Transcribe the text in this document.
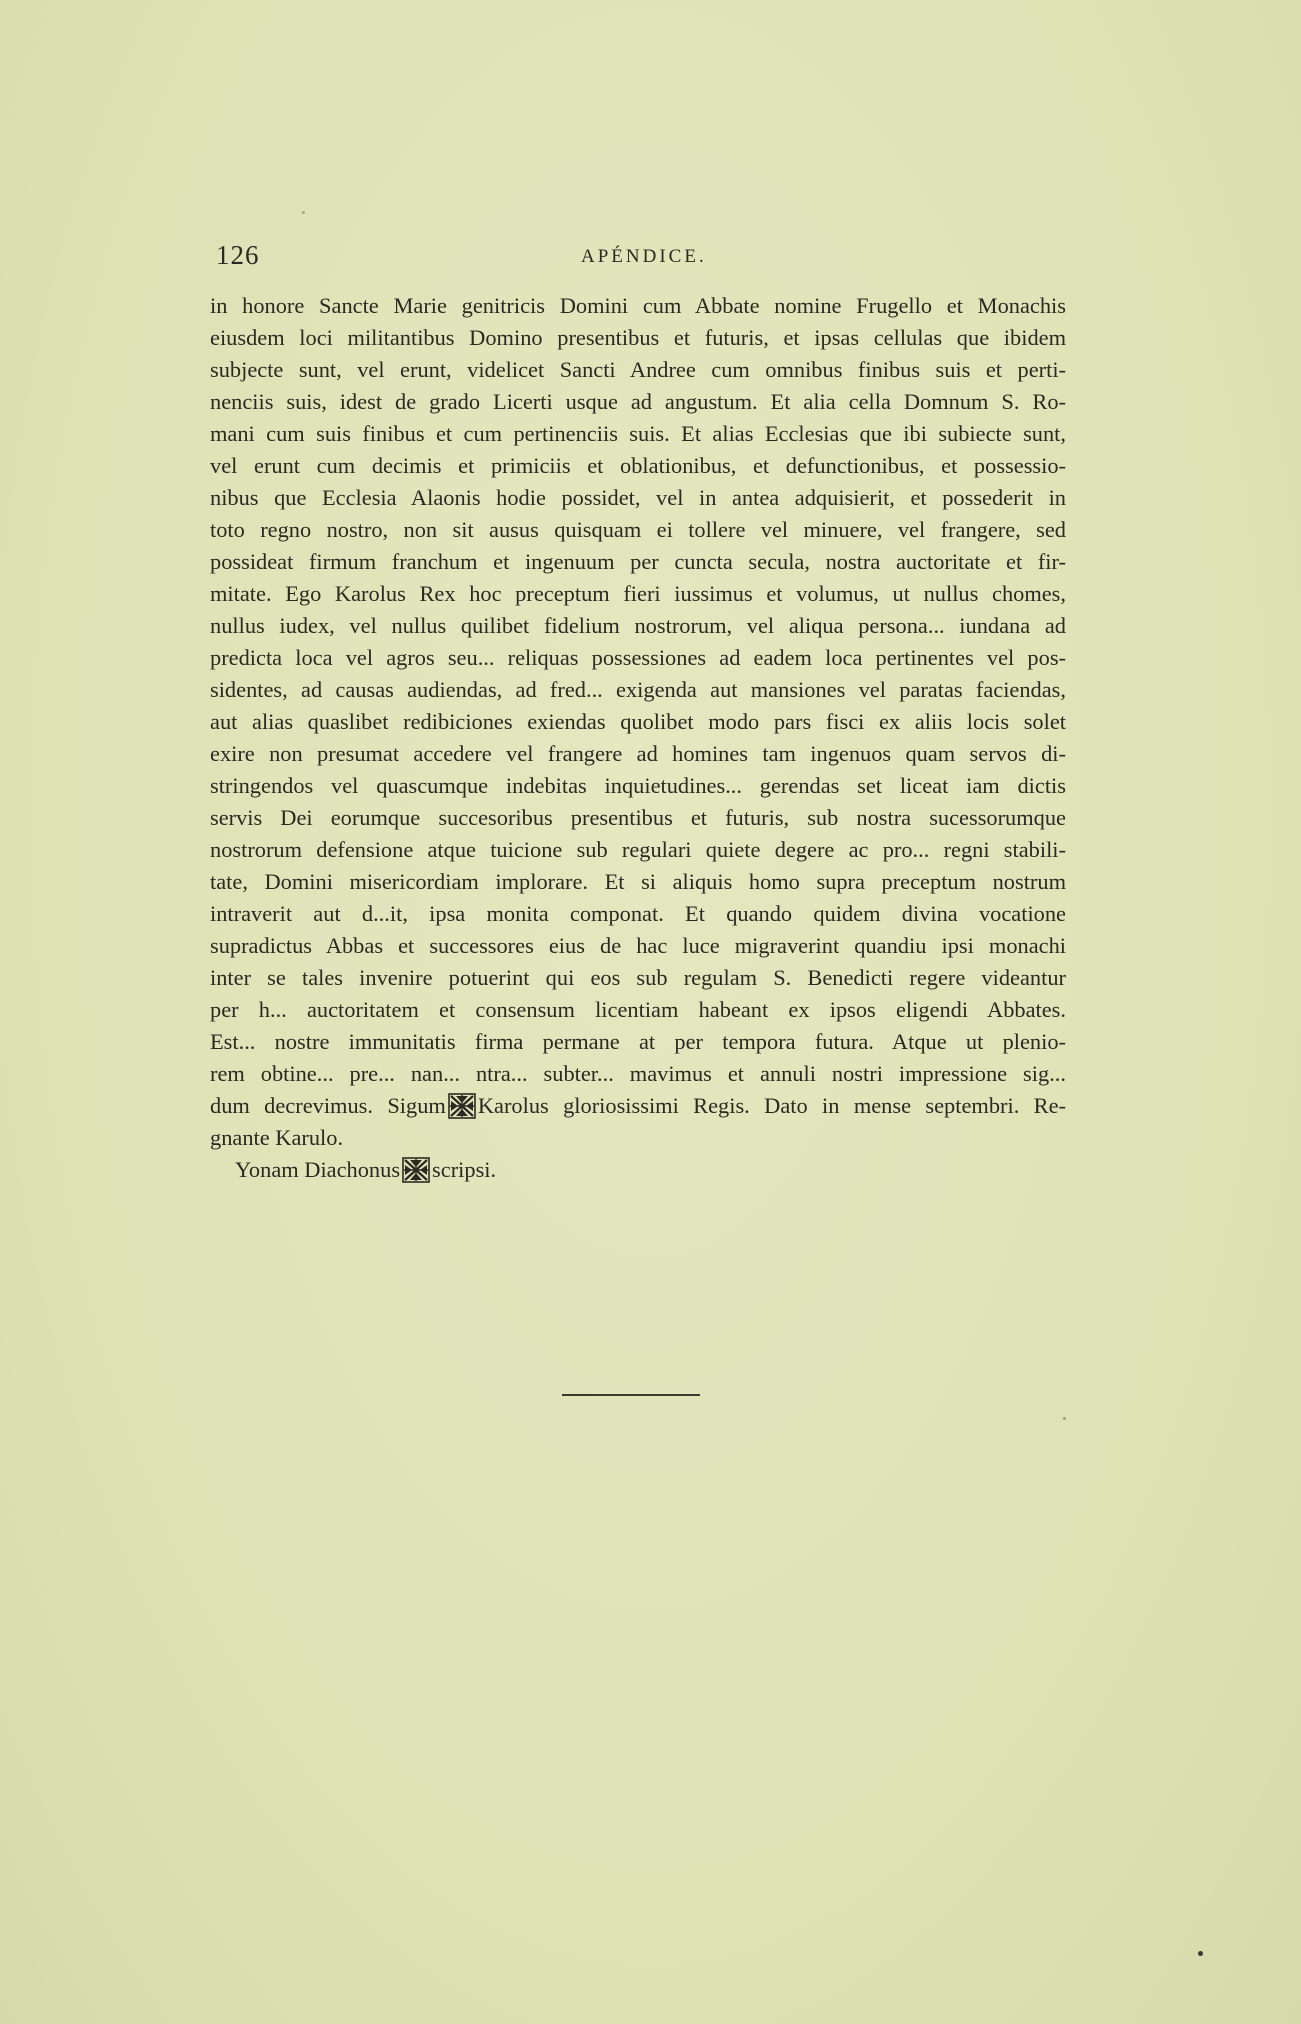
126	APÉNDICE.
in honore Sancte Marie genitricis Domini cum Abbate nomine Frugello et Monachis
eiusdem loci militantibus Domino presentibus et futuris, et ipsas cellulas que ibidem
subjecte sunt, vel erunt, videlicet Sancti Andree cum omnibus finibus suis et perti-
nenciis suis, idest de grado Licerti usque ad angustum. Et alia cella Domnum S. Ro-
mani cum suis finibus et cum pertinenciis suis. Et alias Ecclesias que ibi subiecte sunt,
vel erunt cum decimis et primiciis et oblationibus, et defunctionibus, et possessio-
nibus que Ecclesia Alaonis hodie possidet, vel in antea adquisierit, et possederit in
toto regno nostro, non sit ausus quisquam ei tollere vel minuere, vel frangere, sed
possideat firmum franchum et ingenuum per cuncta secula, nostra auctoritate et fir-
mitate. Ego Karolus Rex hoc preceptum fieri iussimus et volumus, ut nullus chomes,
nullus iudex, vel nullus quilibet fidelium nostrorum, vel aliqua persona... iundana ad
predicta loca vel agros seu... reliquas possessiones ad eadem loca pertinentes vel pos-
sidentes, ad causas audiendas, ad fred... exigenda aut mansiones vel paratas faciendas,
aut alias quaslibet redibiciones exiendas quolibet modo pars fisci ex aliis locis solet
exire non presumat accedere vel frangere ad homines tam ingenuos quam servos di-
stringendos vel quascumque indebitas inquietudines... gerendas set liceat iam dictis
servis Dei eorumque succesoribus presentibus et futuris, sub nostra sucessorumque
nostrorum defensione atque tuicione sub regulari quiete degere ac pro... regni stabili-
tate, Domini misericordiam implorare. Et si aliquis homo supra preceptum nostrum
intraverit aut d...it, ipsa monita componat. Et quando quidem divina vocatione
supradictus Abbas et successores eius de hac luce migraverint quandiu ipsi monachi
inter se tales invenire potuerint qui eos sub regulam S. Benedicti regere videantur
per h... auctoritatem et consensum licentiam habeant ex ipsos eligendi Abbates.
Est... nostre immunitatis firma permane at per tempora futura. Atque ut plenio-
rem obtine... pre... nan... ntra... subter... mavimus et annuli nostri impressione sig...
dum decrevimus. Sigum Karolus gloriosissimi Regis. Dato in mense septembri. Re-
gnante Karulo.
Yonam Diachonus scripsi.
